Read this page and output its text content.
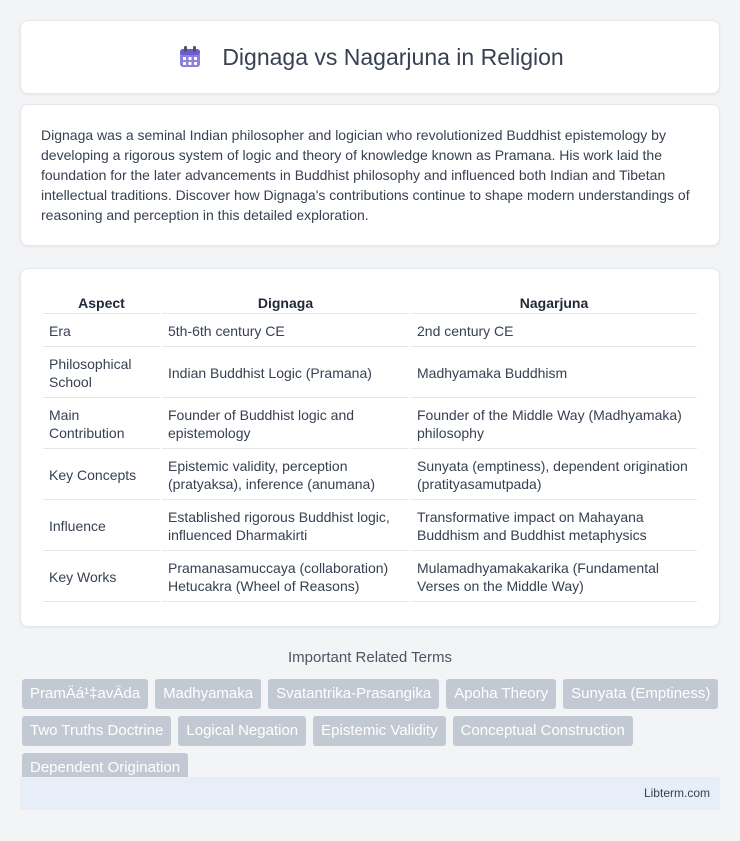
Dignaga vs Nagarjuna in Religion

Dignaga was a seminal Indian philosopher and logician who revolutionized Buddhist epistemology by developing a rigorous system of logic and theory of knowledge known as Pramana. His work laid the foundation for the later advancements in Buddhist philosophy and influenced both Indian and Tibetan intellectual traditions. Discover how Dignaga's contributions continue to shape modern understandings of reasoning and perception in this detailed exploration.

Aspect	Dignaga	Nagarjuna
Era	5th-6th century CE	2nd century CE
Philosophical School	Indian Buddhist Logic (Pramana)	Madhyamaka Buddhism
Main Contribution	Founder of Buddhist logic and epistemology	Founder of the Middle Way (Madhyamaka) philosophy
Key Concepts	Epistemic validity, perception (pratyaksa), inference (anumana)	Sunyata (emptiness), dependent origination (pratityasamutpada)
Influence	Established rigorous Buddhist logic, influenced Dharmakirti	Transformative impact on Mahayana Buddhism and Buddhist metaphysics
Key Works	Pramanasamuccaya (collaboration) Hetucakra (Wheel of Reasons)	Mulamadhyamakakarika (Fundamental Verses on the Middle Way)
Important Related Terms
PramÄá¹‡avÄda	Madhyamaka	Svatantrika-Prasangika	Apoha Theory	Sunyata (Emptiness)
Two Truths Doctrine	Logical Negation	Epistemic Validity	Conceptual Construction
Dependent Origination
Libterm.com
